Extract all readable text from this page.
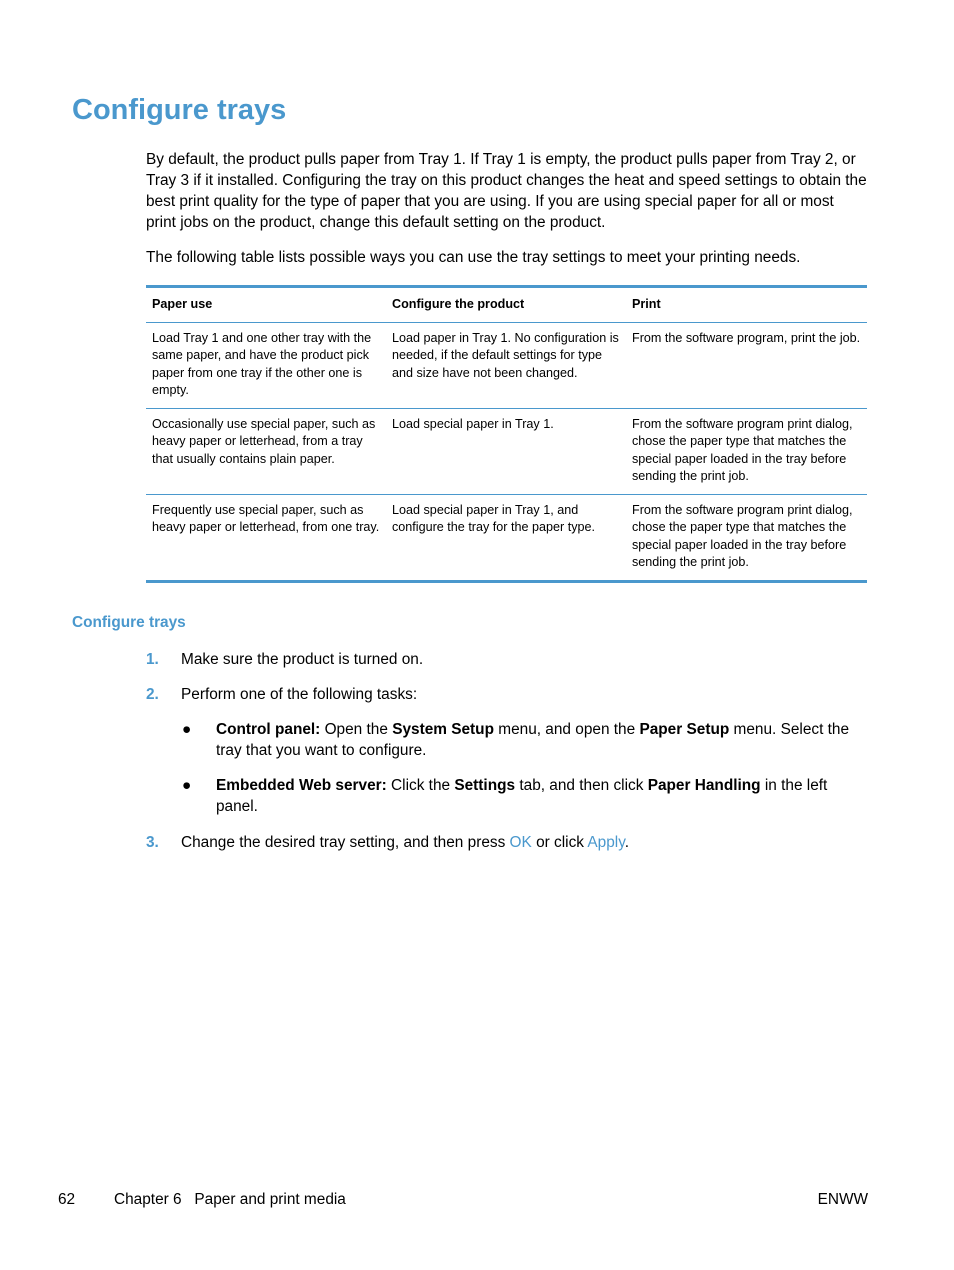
Configure trays

By default, the product pulls paper from Tray 1. If Tray 1 is empty, the product pulls paper from Tray 2, or Tray 3 if it installed. Configuring the tray on this product changes the heat and speed settings to obtain the best print quality for the type of paper that you are using. If you are using special paper for all or most print jobs on the product, change this default setting on the product.

The following table lists possible ways you can use the tray settings to meet your printing needs.

Paper use	Configure the product	Print
Load Tray 1 and one other tray with the same paper, and have the product pick paper from one tray if the other one is empty.	Load paper in Tray 1. No configuration is needed, if the default settings for type and size have not been changed.	From the software program, print the job.
Occasionally use special paper, such as heavy paper or letterhead, from a tray that usually contains plain paper.	Load special paper in Tray 1.	From the software program print dialog, chose the paper type that matches the special paper loaded in the tray before sending the print job.
Frequently use special paper, such as heavy paper or letterhead, from one tray.	Load special paper in Tray 1, and configure the tray for the paper type.	From the software program print dialog, chose the paper type that matches the special paper loaded in the tray before sending the print job.
Configure trays
1. Make sure the product is turned on.
2. Perform one of the following tasks:
● Control panel: Open the System Setup menu, and open the Paper Setup menu. Select the tray that you want to configure.
● Embedded Web server: Click the Settings tab, and then click Paper Handling in the left panel.
3. Change the desired tray setting, and then press OK or click Apply.
62	Chapter 6   Paper and print media	ENWW
